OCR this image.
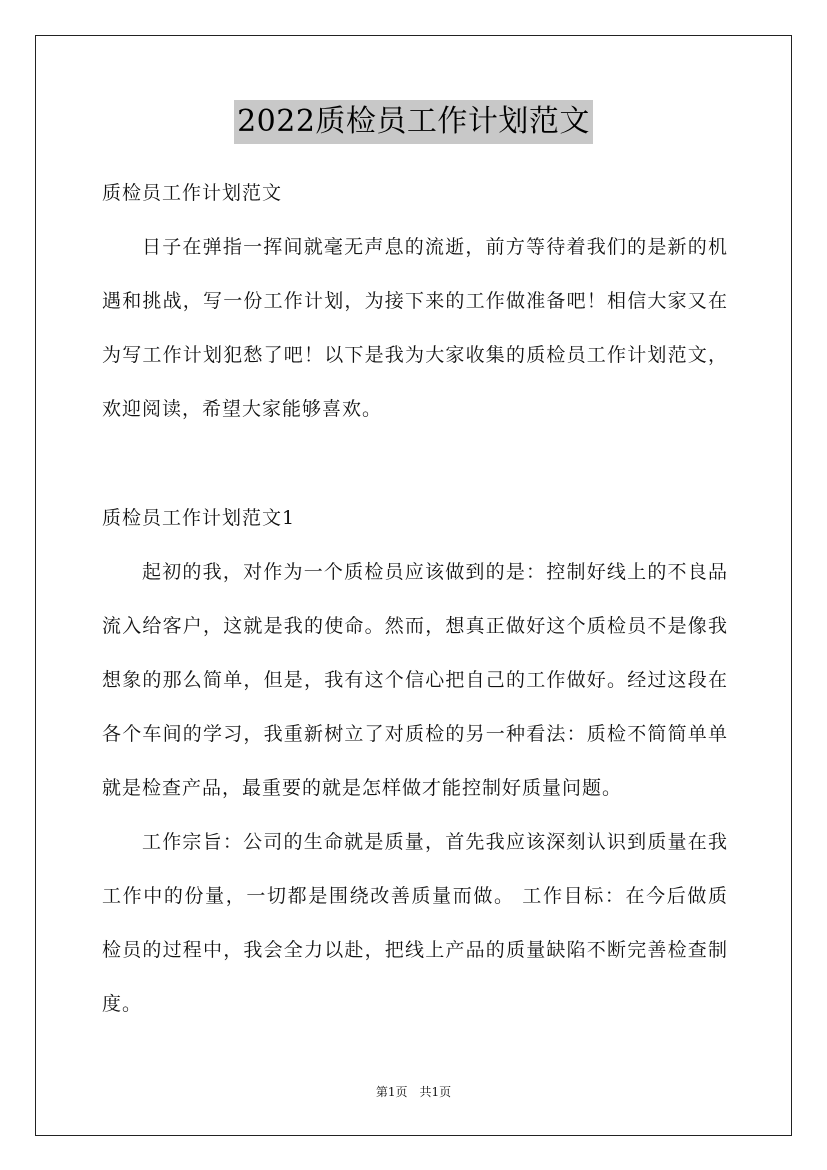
2022质检员工作计划范文
质检员工作计划范文

日子在弹指一挥间就毫无声息的流逝，前方等待着我们的是新的机遇和挑战，写一份工作计划，为接下来的工作做准备吧！相信大家又在为写工作计划犯愁了吧！以下是我为大家收集的质检员工作计划范文，欢迎阅读，希望大家能够喜欢。

质检员工作计划范文1

起初的我，对作为一个质检员应该做到的是：控制好线上的不良品流入给客户，这就是我的使命。然而，想真正做好这个质检员不是像我想象的那么简单，但是，我有这个信心把自己的工作做好。经过这段在各个车间的学习，我重新树立了对质检的另一种看法：质检不简简单单就是检查产品，最重要的就是怎样做才能控制好质量问题。

工作宗旨：公司的生命就是质量，首先我应该深刻认识到质量在我工作中的份量，一切都是围绕改善质量而做。 工作目标：在今后做质检员的过程中，我会全力以赴，把线上产品的质量缺陷不断完善检查制度。

第1页　共1页
